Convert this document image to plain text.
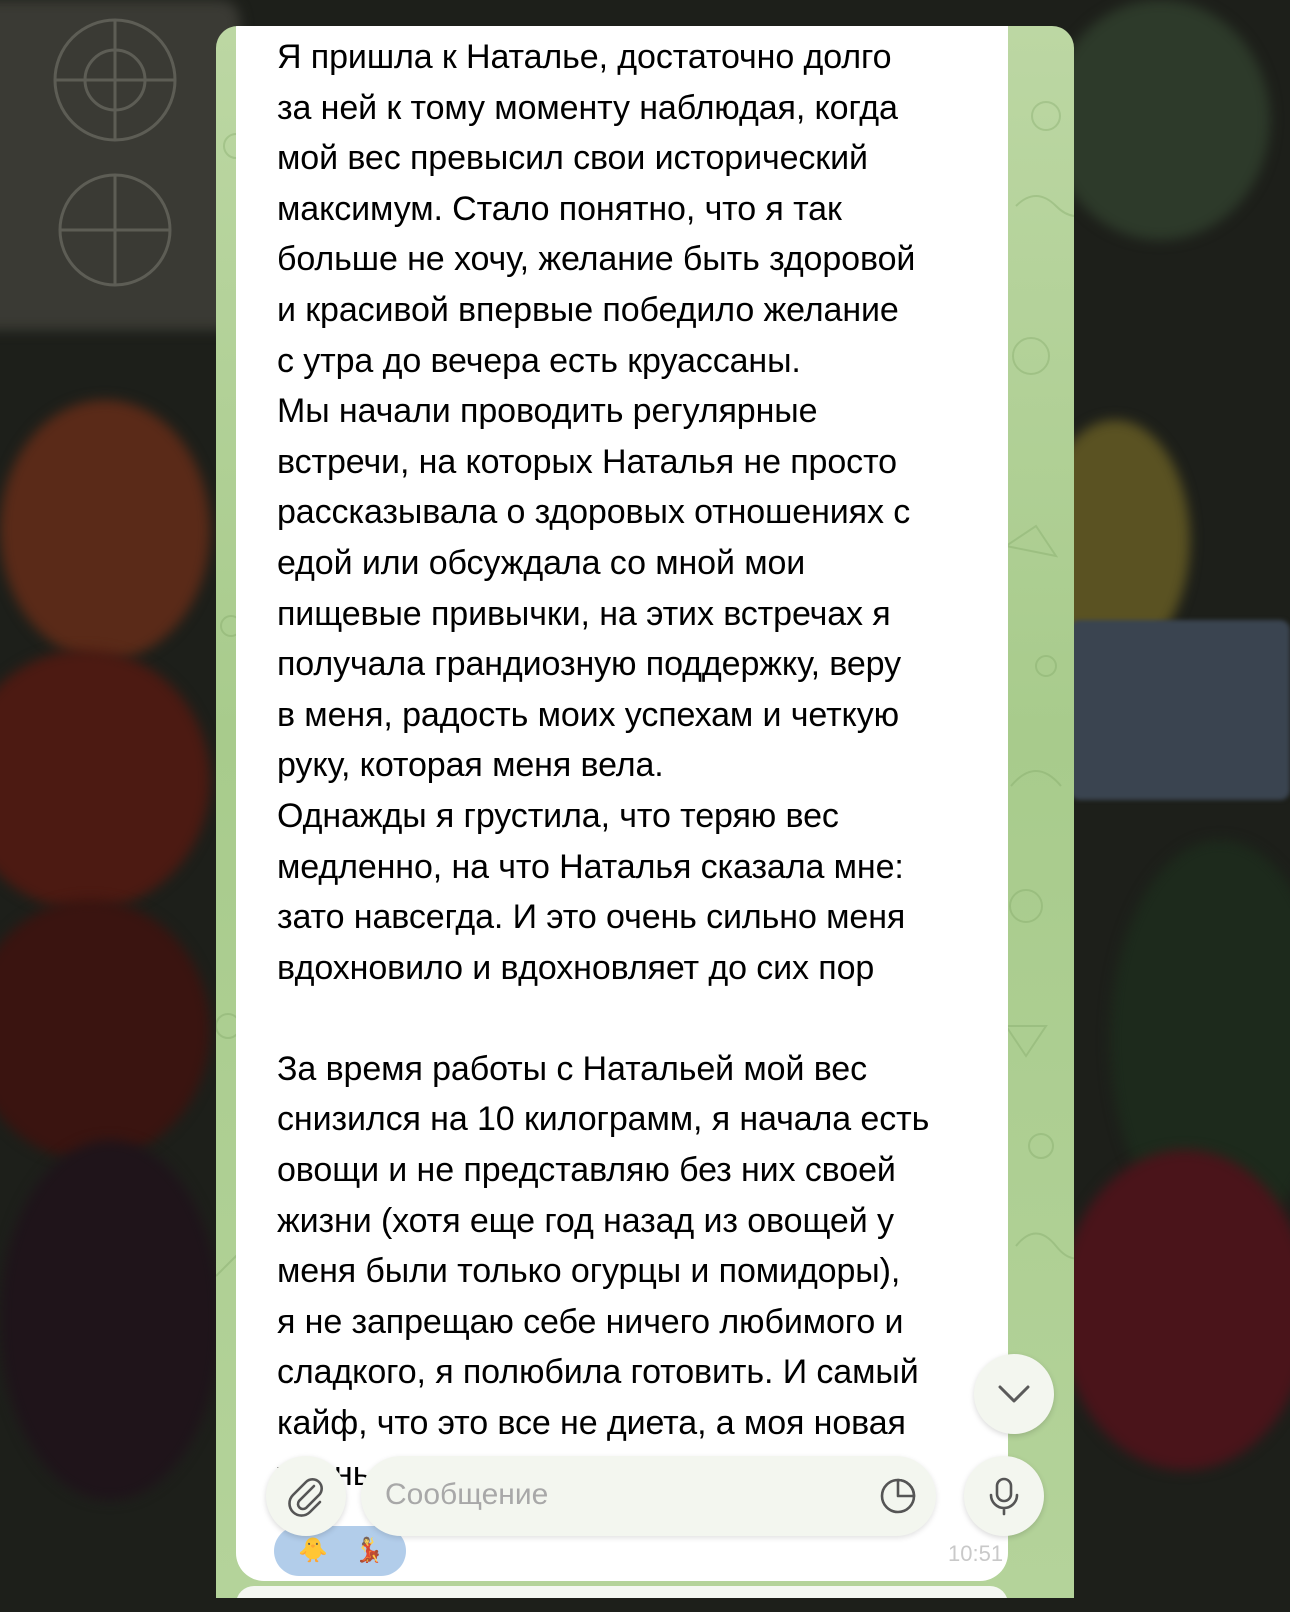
Я пришла к Наталье, достаточно долго
за ней к тому моменту наблюдая, когда
мой вес превысил свои исторический
максимум. Стало понятно, что я так
больше не хочу, желание быть здоровой
и красивой впервые победило желание
с утра до вечера есть круассаны.
Мы начали проводить регулярные
встречи, на которых Наталья не просто
рассказывала о здоровых отношениях с
едой или обсуждала со мной мои
пищевые привычки, на этих встречах я
получала грандиозную поддержку, веру
в меня, радость моих успехам и четкую
руку, которая меня вела.
Однажды я грустила, что теряю вес
медленно, на что Наталья сказала мне:
зато навсегда. И это очень сильно меня
вдохновило и вдохновляет до сих пор

За время работы с Натальей мой вес
снизился на 10 килограмм, я начала есть
овощи и не представляю без них своей
жизни (хотя еще год назад из овощей у
меня были только огурцы и помидоры),
я не запрещаю себе ничего любимого и
сладкого, я полюбила готовить. И самый
кайф, что это все не диета, а моя новая

🐥 💃	10:51
Сообщение
